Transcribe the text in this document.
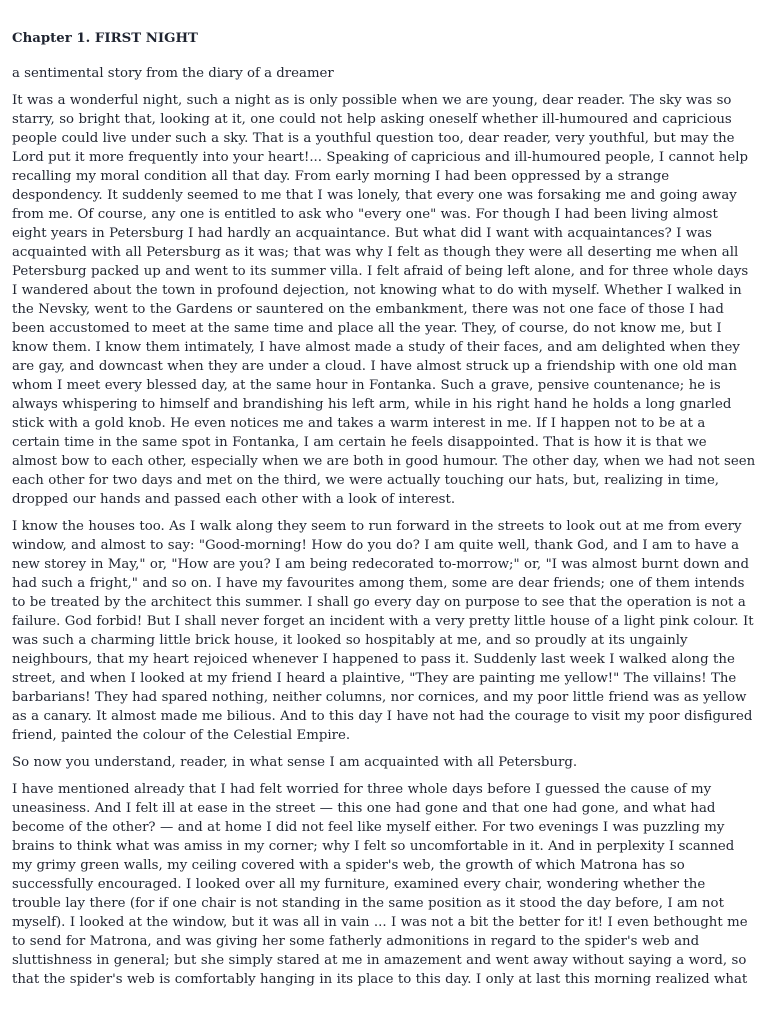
Chapter 1. FIRST NIGHT
a sentimental story from the diary of a dreamer
It was a wonderful night, such a night as is only possible when we are young, dear reader. The sky was so starry, so bright that, looking at it, one could not help asking oneself whether ill-humoured and capricious people could live under such a sky. That is a youthful question too, dear reader, very youthful, but may the Lord put it more frequently into your heart!... Speaking of capricious and ill-humoured people, I cannot help recalling my moral condition all that day. From early morning I had been oppressed by a strange despondency. It suddenly seemed to me that I was lonely, that every one was forsaking me and going away from me. Of course, any one is entitled to ask who "every one" was. For though I had been living almost eight years in Petersburg I had hardly an acquaintance. But what did I want with acquaintances? I was acquainted with all Petersburg as it was; that was why I felt as though they were all deserting me when all Petersburg packed up and went to its summer villa. I felt afraid of being left alone, and for three whole days I wandered about the town in profound dejection, not knowing what to do with myself. Whether I walked in the Nevsky, went to the Gardens or sauntered on the embankment, there was not one face of those I had been accustomed to meet at the same time and place all the year. They, of course, do not know me, but I know them. I know them intimately, I have almost made a study of their faces, and am delighted when they are gay, and downcast when they are under a cloud. I have almost struck up a friendship with one old man whom I meet every blessed day, at the same hour in Fontanka. Such a grave, pensive countenance; he is always whispering to himself and brandishing his left arm, while in his right hand he holds a long gnarled stick with a gold knob. He even notices me and takes a warm interest in me. If I happen not to be at a certain time in the same spot in Fontanka, I am certain he feels disappointed. That is how it is that we almost bow to each other, especially when we are both in good humour. The other day, when we had not seen each other for two days and met on the third, we were actually touching our hats, but, realizing in time, dropped our hands and passed each other with a look of interest.
I know the houses too. As I walk along they seem to run forward in the streets to look out at me from every window, and almost to say: "Good-morning! How do you do? I am quite well, thank God, and I am to have a new storey in May," or, "How are you? I am being redecorated to-morrow;" or, "I was almost burnt down and had such a fright," and so on. I have my favourites among them, some are dear friends; one of them intends to be treated by the architect this summer. I shall go every day on purpose to see that the operation is not a failure. God forbid! But I shall never forget an incident with a very pretty little house of a light pink colour. It was such a charming little brick house, it looked so hospitably at me, and so proudly at its ungainly neighbours, that my heart rejoiced whenever I happened to pass it. Suddenly last week I walked along the street, and when I looked at my friend I heard a plaintive, "They are painting me yellow!" The villains! The barbarians! They had spared nothing, neither columns, nor cornices, and my poor little friend was as yellow as a canary. It almost made me bilious. And to this day I have not had the courage to visit my poor disfigured friend, painted the colour of the Celestial Empire.
So now you understand, reader, in what sense I am acquainted with all Petersburg.
I have mentioned already that I had felt worried for three whole days before I guessed the cause of my uneasiness. And I felt ill at ease in the street — this one had gone and that one had gone, and what had become of the other? — and at home I did not feel like myself either. For two evenings I was puzzling my brains to think what was amiss in my corner; why I felt so uncomfortable in it. And in perplexity I scanned my grimy green walls, my ceiling covered with a spider's web, the growth of which Matrona has so successfully encouraged. I looked over all my furniture, examined every chair, wondering whether the trouble lay there (for if one chair is not standing in the same position as it stood the day before, I am not myself). I looked at the window, but it was all in vain ... I was not a bit the better for it! I even bethought me to send for Matrona, and was giving her some fatherly admonitions in regard to the spider's web and sluttishness in general; but she simply stared at me in amazement and went away without saying a word, so that the spider's web is comfortably hanging in its place to this day. I only at last this morning realized what
